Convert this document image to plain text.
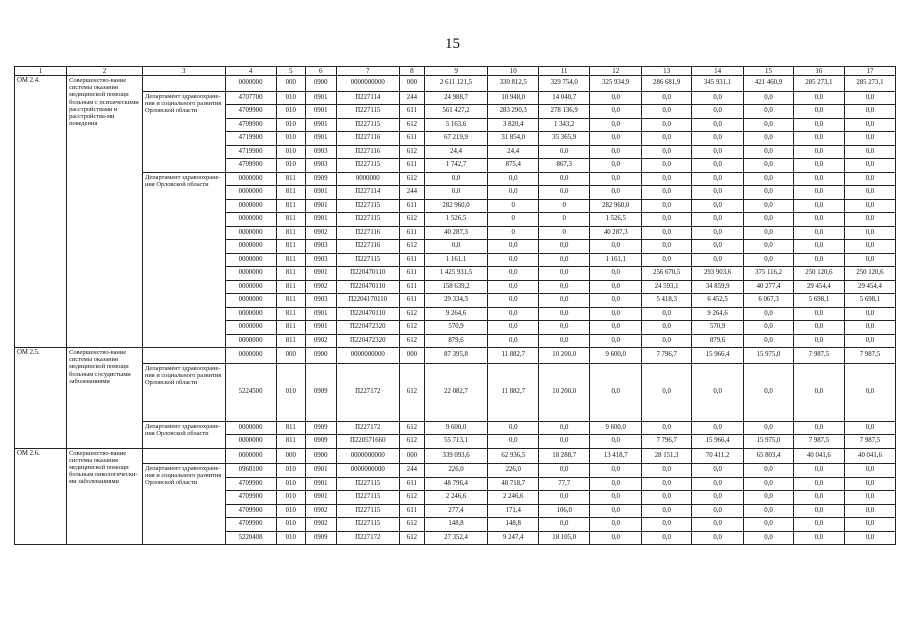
15
1	2	3	4	5	6	7	8	9	10	11	12	13	14	15	16	17
ОМ 2.4.	Совершенство-вание системы оказания медицинской помощи больным с психическими расстройствами и расстройства-ми поведения		0000000	000	0900	0000000000	000	2 611 121,5	330 812,5	329 754,0	325 934,9	286 681,9	345 931,1	421 460,9	285 273,1	285 273,1
		Департамент здравоохране-ния и социального развития Орловской области	4707700	010	0901	П227114	244	24 988,7	10 948,0	14 040,7	0,0	0,0	0,0	0,0	0,0	0,0
			4709900	010	0901	П227115	611	561 427,2	283 290,3	278 136,9	0,0	0,0	0,0	0,0	0,0	0,0
			4709900	010	0901	П227115	612	5 163,6	3 820,4	1 343,2	0,0	0,0	0,0	0,0	0,0	0,0
			4719900	010	0901	П227116	611	67 219,9	31 854,0	35 365,9	0,0	0,0	0,0	0,0	0,0	0,0
			4719900	010	0903	П227116	612	24,4	24,4	0,0	0,0	0,0	0,0	0,0	0,0	0,0
			4709900	010	0903	П227115	611	1 742,7	875,4	867,3	0,0	0,0	0,0	0,0	0,0	0,0
		Департамент здравоохране-ния Орловской области	0000000	811	0909	0000000	612	0,0	0,0	0,0	0,0	0,0	0,0	0,0	0,0	0,0
			0000000	811	0901	П227114	244	0,0	0,0	0,0	0,0	0,0	0,0	0,0	0,0	0,0
			0000000	811	0901	П227115	611	282 960,0	0	0	282 960,0	0,0	0,0	0,0	0,0	0,0
			0000000	811	0901	П227115	612	1 526,5	0	0	1 526,5	0,0	0,0	0,0	0,0	0,0
			0000000	811	0902	П227116	611	40 287,3	0	0	40 287,3	0,0	0,0	0,0	0,0	0,0
			0000000	811	0903	П227116	612	0,0	0,0	0,0	0,0	0,0	0,0	0,0	0,0	0,0
			0000000	811	0903	П227115	611	1 161,1	0,0	0,0	1 161,1	0,0	0,0	0,0	0,0	0,0
			0000000	811	0901	П220470110	611	1 425 931,5	0,0	0,0	0,0	256 670,5	293 903,6	375 116,2	250 120,6	250 120,6
			0000000	811	0902	П220470110	611	158 639,2	0,0	0,0	0,0	24 593,1	34 859,9	40 277,4	29 454,4	29 454,4
			0000000	811	0903	П2204170110	611	29 334,3	0,0	0,0	0,0	5 418,3	6 452,5	6 067,3	5 698,1	5 698,1
			0000000	811	0901	П220470110	612	9 264,6	0,0	0,0	0,0	0,0	9 264,6	0,0	0,0	0,0
			0000000	811	0901	П220472320	612	570,9	0,0	0,0	0,0	0,0	570,9	0,0	0,0	0,0
			0000000	811	0902	П220472320	612	879,6	0,0	0,0	0,0	0,0	879,6	0,0	0,0	0,0
ОМ 2.5.	Совершенство-вание системы оказания медицинской помощи больным сосудистыми заболеваниями		0000000	000	0900	0000000000	000	87 395,8	11 882,7	10 200,0	9 600,0	7 796,7	15 966,4	15 975,0	7 987,5	7 987,5
		Департамент здравоохране-ния и социального развития Орловской области	5224500	010	0909	П227172	612	22 082,7	11 882,7	10 200,0	0,0	0,0	0,0	0,0	0,0	0,0
		Департамент здравоохране-ния Орловской области	0000000	811	0909	П227172	612	9 600,0	0,0	0,0	9 600,0	0,0	0,0	0,0	0,0	0,0
			0000000	811	0909	П220571660	612	55 713,1	0,0	0,0	0,0	7 796,7	15 966,4	15 975,0	7 987,5	7 987,5
ОМ 2.6.	Совершенство-вание системы оказания медицинской помощи больным онкологически-ми заболеваниями		0000000	000	0900	0000000000	000	339 093,6	62 936,5	18 288,7	13 418,7	28 151,3	70 411,2	65 803,4	40 041,6	40 041,6
		Департамент здравоохране-ния и социального развития Орловской области	0960100	010	0901	0000000000	244	226,0	226,0	0,0	0,0	0,0	0,0	0,0	0,0	0,0
			4709900	010	0901	П227115	611	48 796,4	48 718,7	77,7	0,0	0,0	0,0	0,0	0,0	0,0
			4709900	010	0901	П227115	612	2 246,6	2 246,6	0,0	0,0	0,0	0,0	0,0	0,0	0,0
			4709900	010	0902	П227115	611	277,4	171,4	106,0	0,0	0,0	0,0	0,0	0,0	0,0
			4709900	010	0902	П227115	612	148,8	148,8	0,0	0,0	0,0	0,0	0,0	0,0	0,0
			5220408	010	0909	П227172	612	27 352,4	9 247,4	18 105,0	0,0	0,0	0,0	0,0	0,0	0,0
